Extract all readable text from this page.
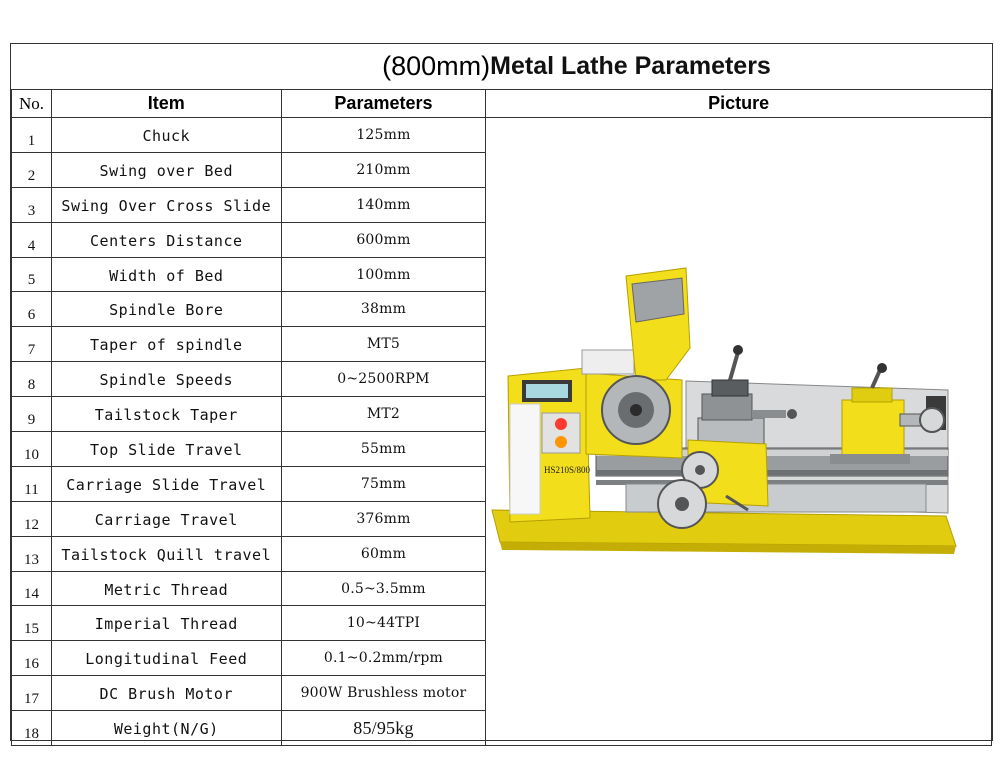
(800mm) Metal Lathe Parameters
No.	Item	Parameters	Picture
1	Chuck	125mm	HS210S/800

2	Swing over Bed	210mm	
3	Swing Over Cross Slide	140mm	
4	Centers Distance	600mm	
5	Width of Bed	100mm	
6	Spindle Bore	38mm	
7	Taper of spindle	MT5	
8	Spindle Speeds	0~2500RPM	
9	Tailstock Taper	MT2	
10	Top Slide Travel	55mm	
11	Carriage Slide Travel	75mm	
12	Carriage Travel	376mm	
13	Tailstock Quill travel	60mm	
14	Metric Thread	0.5~3.5mm	
15	Imperial Thread	10~44TPI	
16	Longitudinal Feed	0.1~0.2mm/rpm	
17	DC Brush Motor	900W Brushless motor	
18	Weight(N/G)	85/95kg	
